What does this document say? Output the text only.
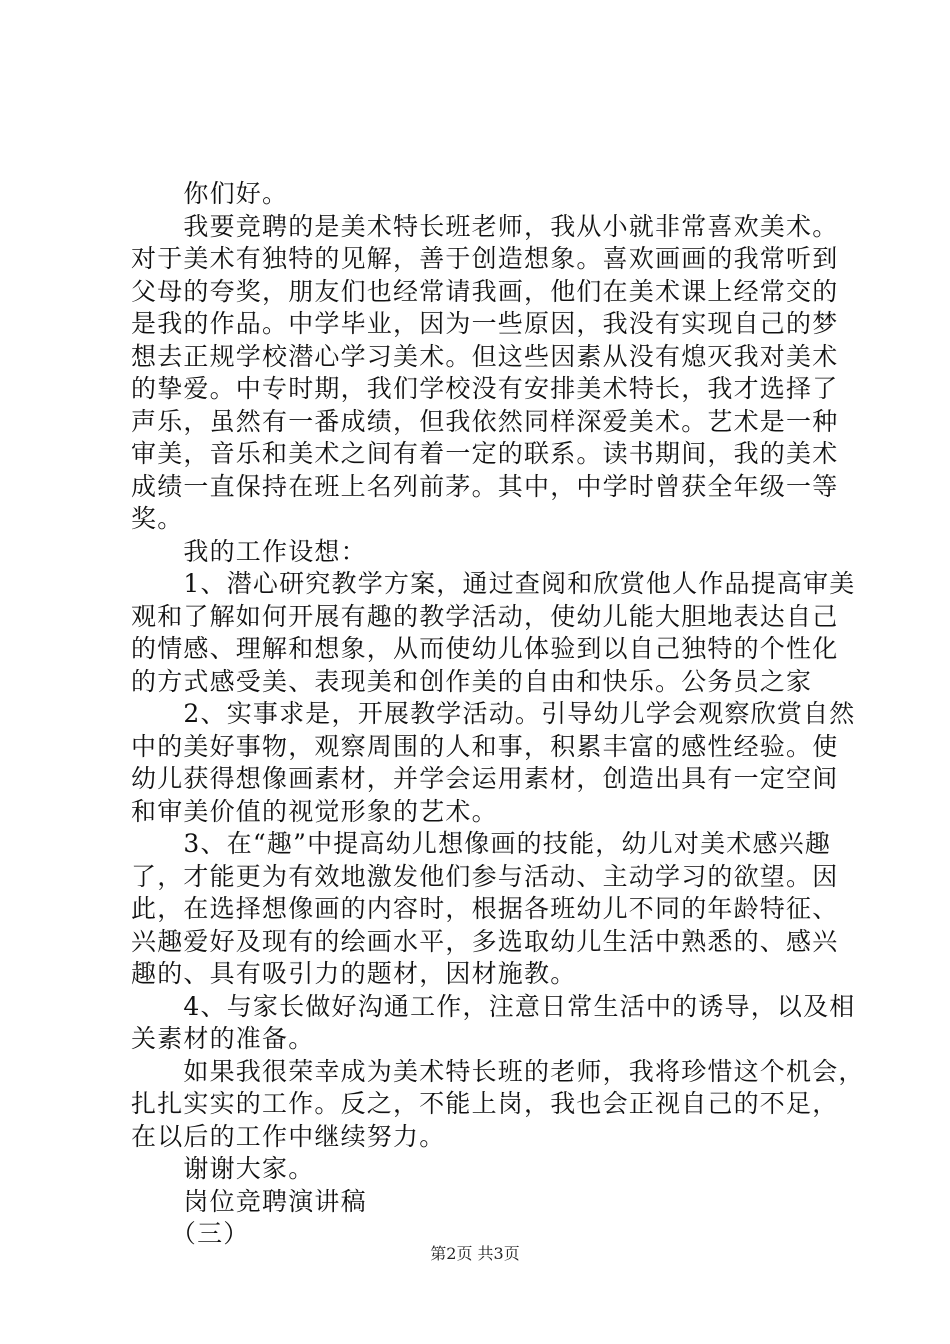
　　你们好。
　　我要竞聘的是美术特长班老师，我从小就非常喜欢美术。
对于美术有独特的见解，善于创造想象。喜欢画画的我常听到
父母的夸奖，朋友们也经常请我画，他们在美术课上经常交的
是我的作品。中学毕业，因为一些原因，我没有实现自己的梦
想去正规学校潜心学习美术。但这些因素从没有熄灭我对美术
的挚爱。中专时期，我们学校没有安排美术特长，我才选择了
声乐，虽然有一番成绩，但我依然同样深爱美术。艺术是一种
审美，音乐和美术之间有着一定的联系。读书期间，我的美术
成绩一直保持在班上名列前茅。其中，中学时曾获全年级一等
奖。
　　我的工作设想：
　　1、潜心研究教学方案，通过查阅和欣赏他人作品提高审美
观和了解如何开展有趣的教学活动，使幼儿能大胆地表达自己
的情感、理解和想象，从而使幼儿体验到以自己独特的个性化
的方式感受美、表现美和创作美的自由和快乐。公务员之家
　　2、实事求是，开展教学活动。引导幼儿学会观察欣赏自然
中的美好事物，观察周围的人和事，积累丰富的感性经验。使
幼儿获得想像画素材，并学会运用素材，创造出具有一定空间
和审美价值的视觉形象的艺术。
　　3、在“趣”中提高幼儿想像画的技能，幼儿对美术感兴趣
了，才能更为有效地激发他们参与活动、主动学习的欲望。因
此，在选择想像画的内容时，根据各班幼儿不同的年龄特征、
兴趣爱好及现有的绘画水平，多选取幼儿生活中熟悉的、感兴
趣的、具有吸引力的题材，因材施教。
　　4、与家长做好沟通工作，注意日常生活中的诱导，以及相
关素材的准备。
　　如果我很荣幸成为美术特长班的老师，我将珍惜这个机会，
扎扎实实的工作。反之，不能上岗，我也会正视自己的不足，
在以后的工作中继续努力。
　　谢谢大家。
　　岗位竞聘演讲稿
　　（三）
第2页 共3页
